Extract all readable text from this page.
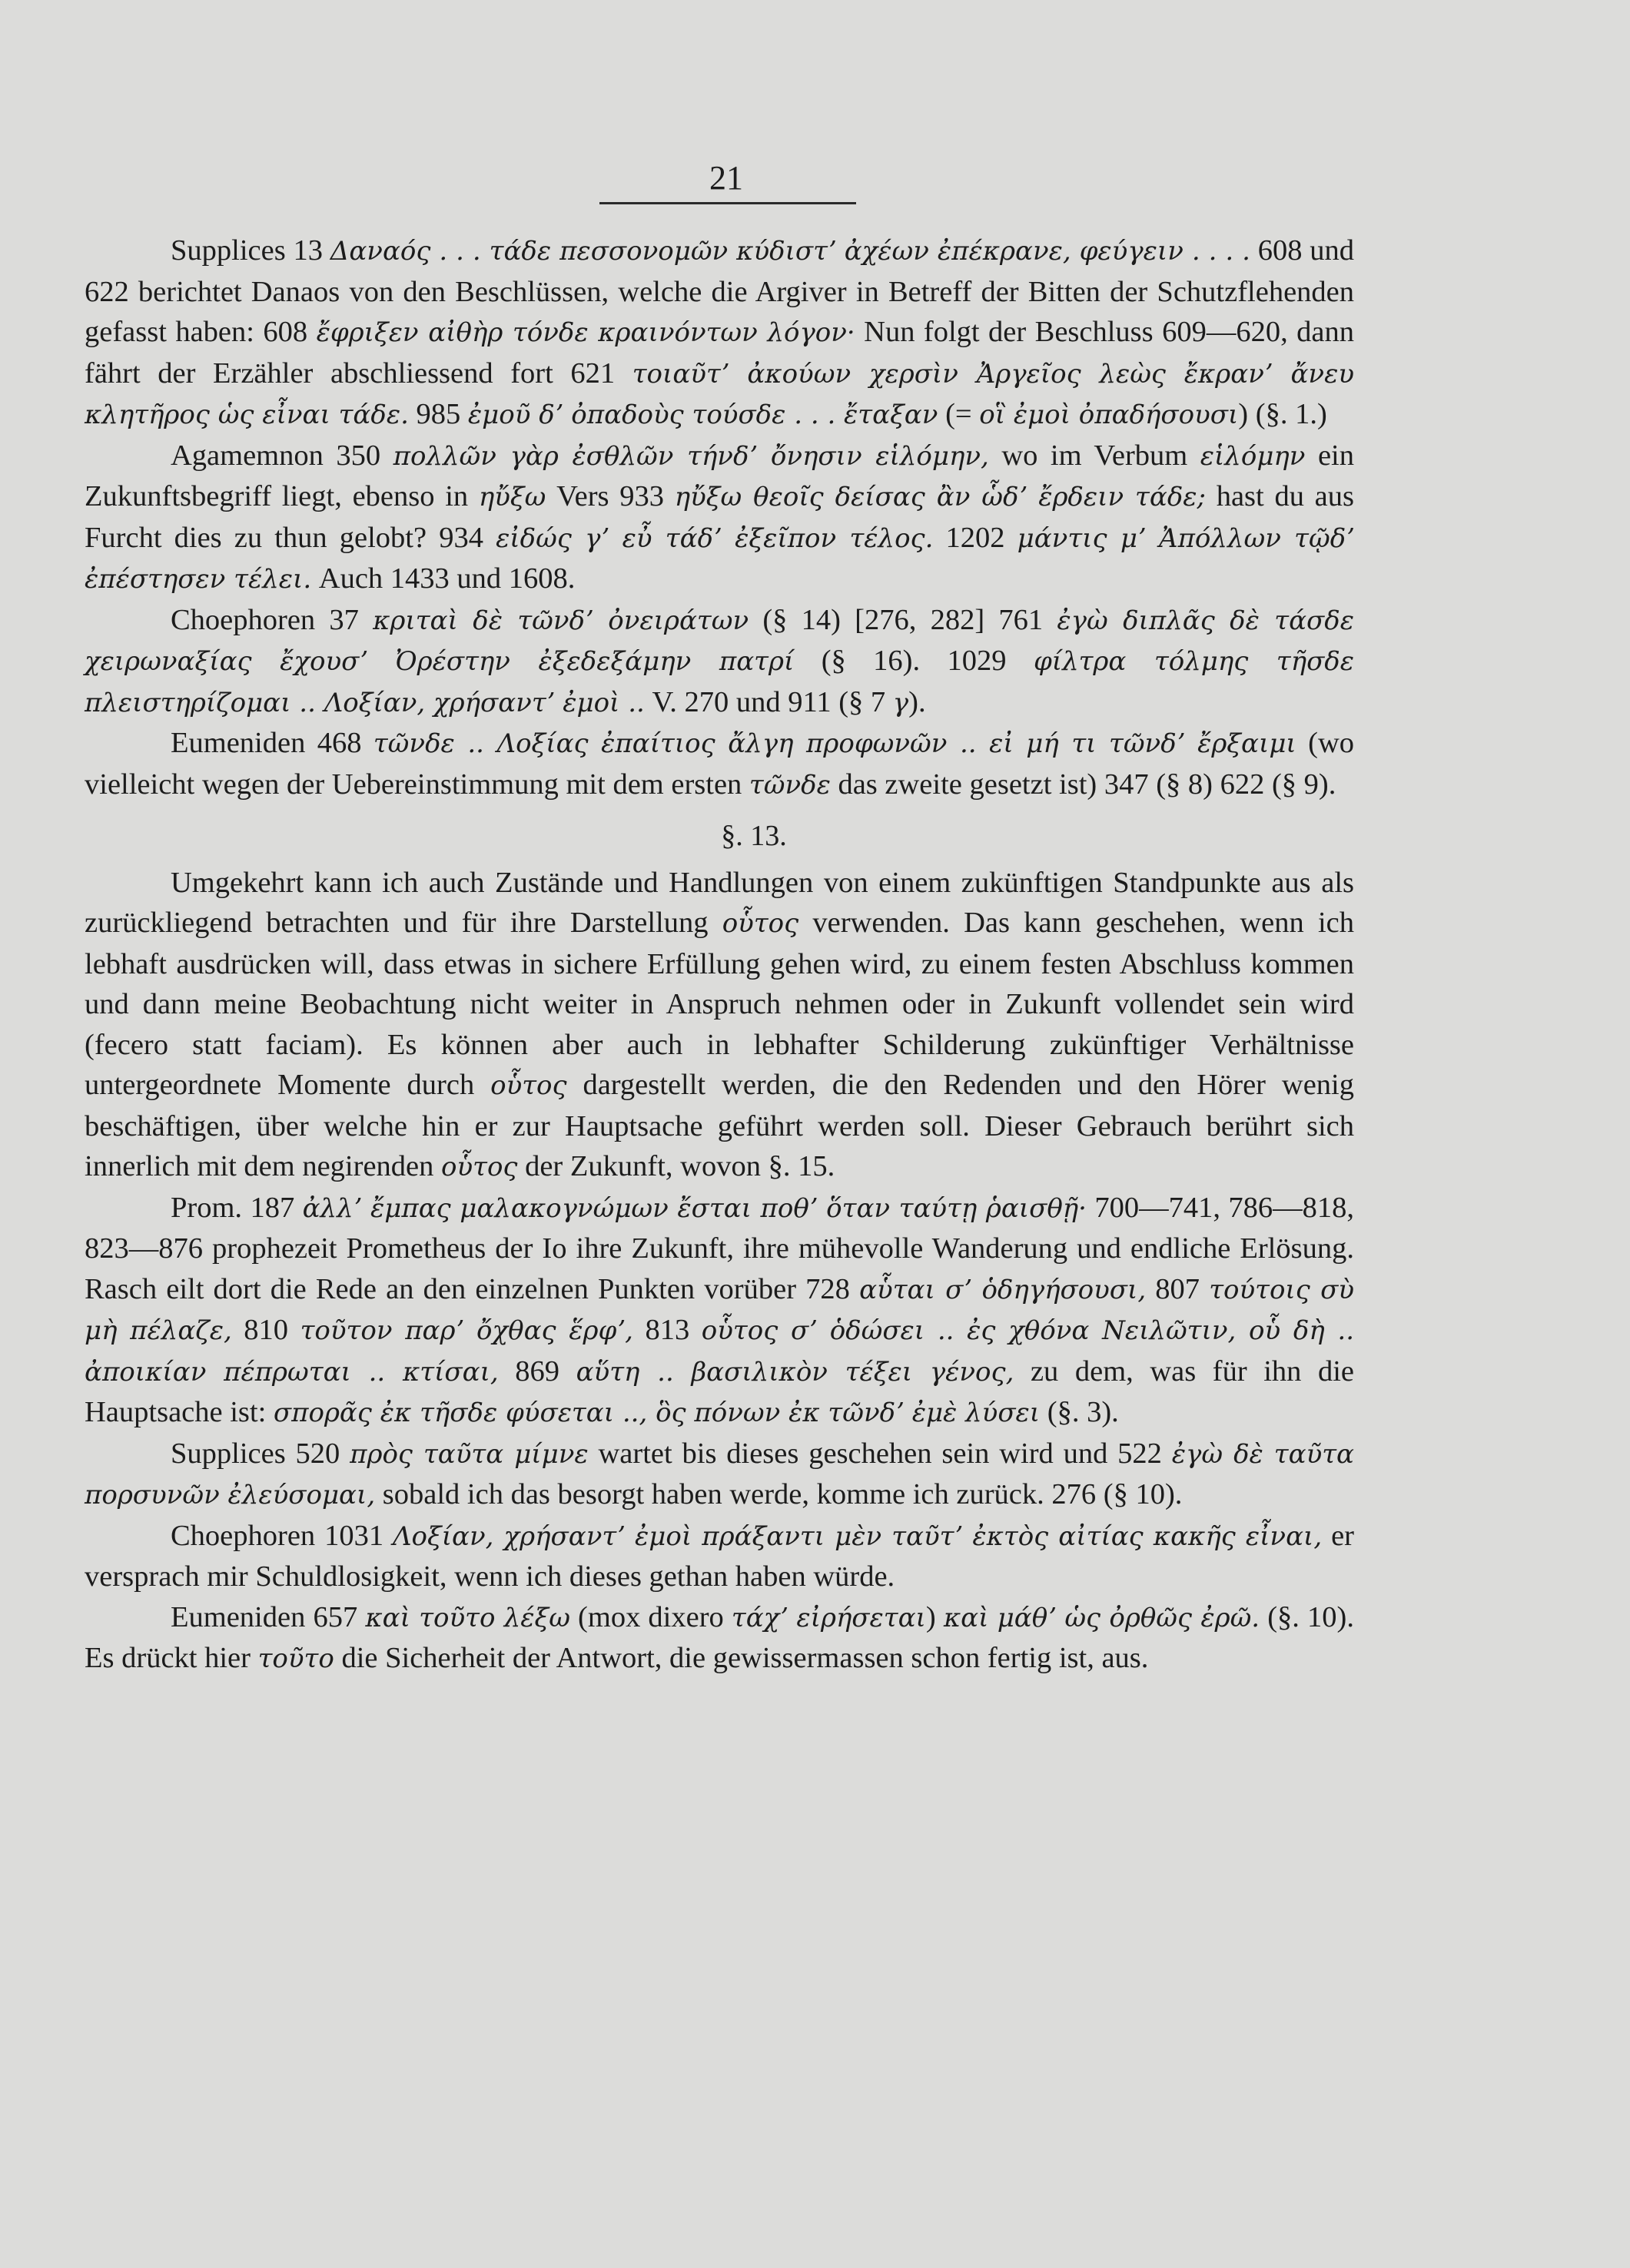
21

Supplices 13 Δαναός . . . τάδε πεσσονομῶν κύδιστʼ ἀχέων ἐπέκρανε, φεύγειν . . . . 608 und 622 berichtet Danaos von den Beschlüssen, welche die Argiver in Betreff der Bitten der Schutzflehenden gefasst haben: 608 ἔφριξεν αἰθὴρ τόνδε κραινόντων λόγον· Nun folgt der Beschluss 609—620, dann fährt der Erzähler abschliessend fort 621 τοιαῦτʼ ἀκούων χερσὶν Ἀργεῖος λεὼς ἔκρανʼ ἄνευ κλητῆρος ὡς εἶναι τάδε. 985 ἐμοῦ δʼ ὀπαδοὺς τούσδε . . . ἔταξαν (= οἳ ἐμοὶ ὀπαδήσουσι) (§. 1.)

Agamemnon 350 πολλῶν γὰρ ἐσθλῶν τήνδʼ ὄνησιν εἱλόμην, wo im Verbum εἱλόμην ein Zukunftsbegriff liegt, ebenso in ηὔξω Vers 933 ηὔξω θεοῖς δείσας ἂν ὧδʼ ἔρδειν τάδε; hast du aus Furcht dies zu thun gelobt? 934 εἰδώς γʼ εὖ τάδʼ ἐξεῖπον τέλος. 1202 μάντις μʼ Ἀπόλλων τῷδʼ ἐπέστησεν τέλει. Auch 1433 und 1608.

Choephoren 37 κριταὶ δὲ τῶνδʼ ὀνειράτων (§ 14) [276, 282] 761 ἐγὼ διπλᾶς δὲ τάσδε χειρωναξίας ἔχουσʼ Ὀρέστην ἐξεδεξάμην πατρί (§ 16). 1029 φίλτρα τόλμης τῆσδε πλειστηρίζομαι .. Λοξίαν, χρήσαντʼ ἐμοὶ .. V. 270 und 911 (§ 7 γ).

Eumeniden 468 τῶνδε .. Λοξίας ἐπαίτιος ἄλγη προφωνῶν .. εἰ μή τι τῶνδʼ ἔρξαιμι (wo vielleicht wegen der Uebereinstimmung mit dem ersten τῶνδε das zweite gesetzt ist) 347 (§ 8) 622 (§ 9).

§. 13.

Umgekehrt kann ich auch Zustände und Handlungen von einem zukünftigen Standpunkte aus als zurückliegend betrachten und für ihre Darstellung οὗτος verwenden. Das kann geschehen, wenn ich lebhaft ausdrücken will, dass etwas in sichere Erfüllung gehen wird, zu einem festen Abschluss kommen und dann meine Beobachtung nicht weiter in Anspruch nehmen oder in Zukunft vollendet sein wird (fecero statt faciam). Es können aber auch in lebhafter Schilderung zukünftiger Verhältnisse untergeordnete Momente durch οὗτος dargestellt werden, die den Redenden und den Hörer wenig beschäftigen, über welche hin er zur Hauptsache geführt werden soll. Dieser Gebrauch berührt sich innerlich mit dem negirenden οὗτος der Zukunft, wovon §. 15.

Prom. 187 ἀλλʼ ἔμπας μαλακογνώμων ἔσται ποθʼ ὅταν ταύτῃ ῥαισθῇ· 700—741, 786—818, 823—876 prophezeit Prometheus der Io ihre Zukunft, ihre mühevolle Wanderung und endliche Erlösung. Rasch eilt dort die Rede an den einzelnen Punkten vorüber 728 αὗται σʼ ὁδηγήσουσι, 807 τούτοις σὺ μὴ πέλαζε, 810 τοῦτον παρʼ ὄχθας ἕρφʼ, 813 οὗτος σʼ ὁδώσει .. ἐς χθόνα Νειλῶτιν, οὗ δὴ .. ἀποικίαν πέπρωται .. κτίσαι, 869 αὕτη .. βασιλικὸν τέξει γένος, zu dem, was für ihn die Hauptsache ist: σπορᾶς ἐκ τῆσδε φύσεται .., ὃς πόνων ἐκ τῶνδʼ ἐμὲ λύσει (§. 3).

Supplices 520 πρὸς ταῦτα μίμνε wartet bis dieses geschehen sein wird und 522 ἐγὼ δὲ ταῦτα πορσυνῶν ἐλεύσομαι, sobald ich das besorgt haben werde, komme ich zurück. 276 (§ 10).

Choephoren 1031 Λοξίαν, χρήσαντʼ ἐμοὶ πράξαντι μὲν ταῦτʼ ἐκτὸς αἰτίας κακῆς εἶναι, er versprach mir Schuldlosigkeit, wenn ich dieses gethan haben würde.

Eumeniden 657 καὶ τοῦτο λέξω (mox dixero τάχʼ εἰρήσεται) καὶ μάθʼ ὡς ὀρθῶς ἐρῶ. (§. 10). Es drückt hier τοῦτο die Sicherheit der Antwort, die gewissermassen schon fertig ist, aus.
